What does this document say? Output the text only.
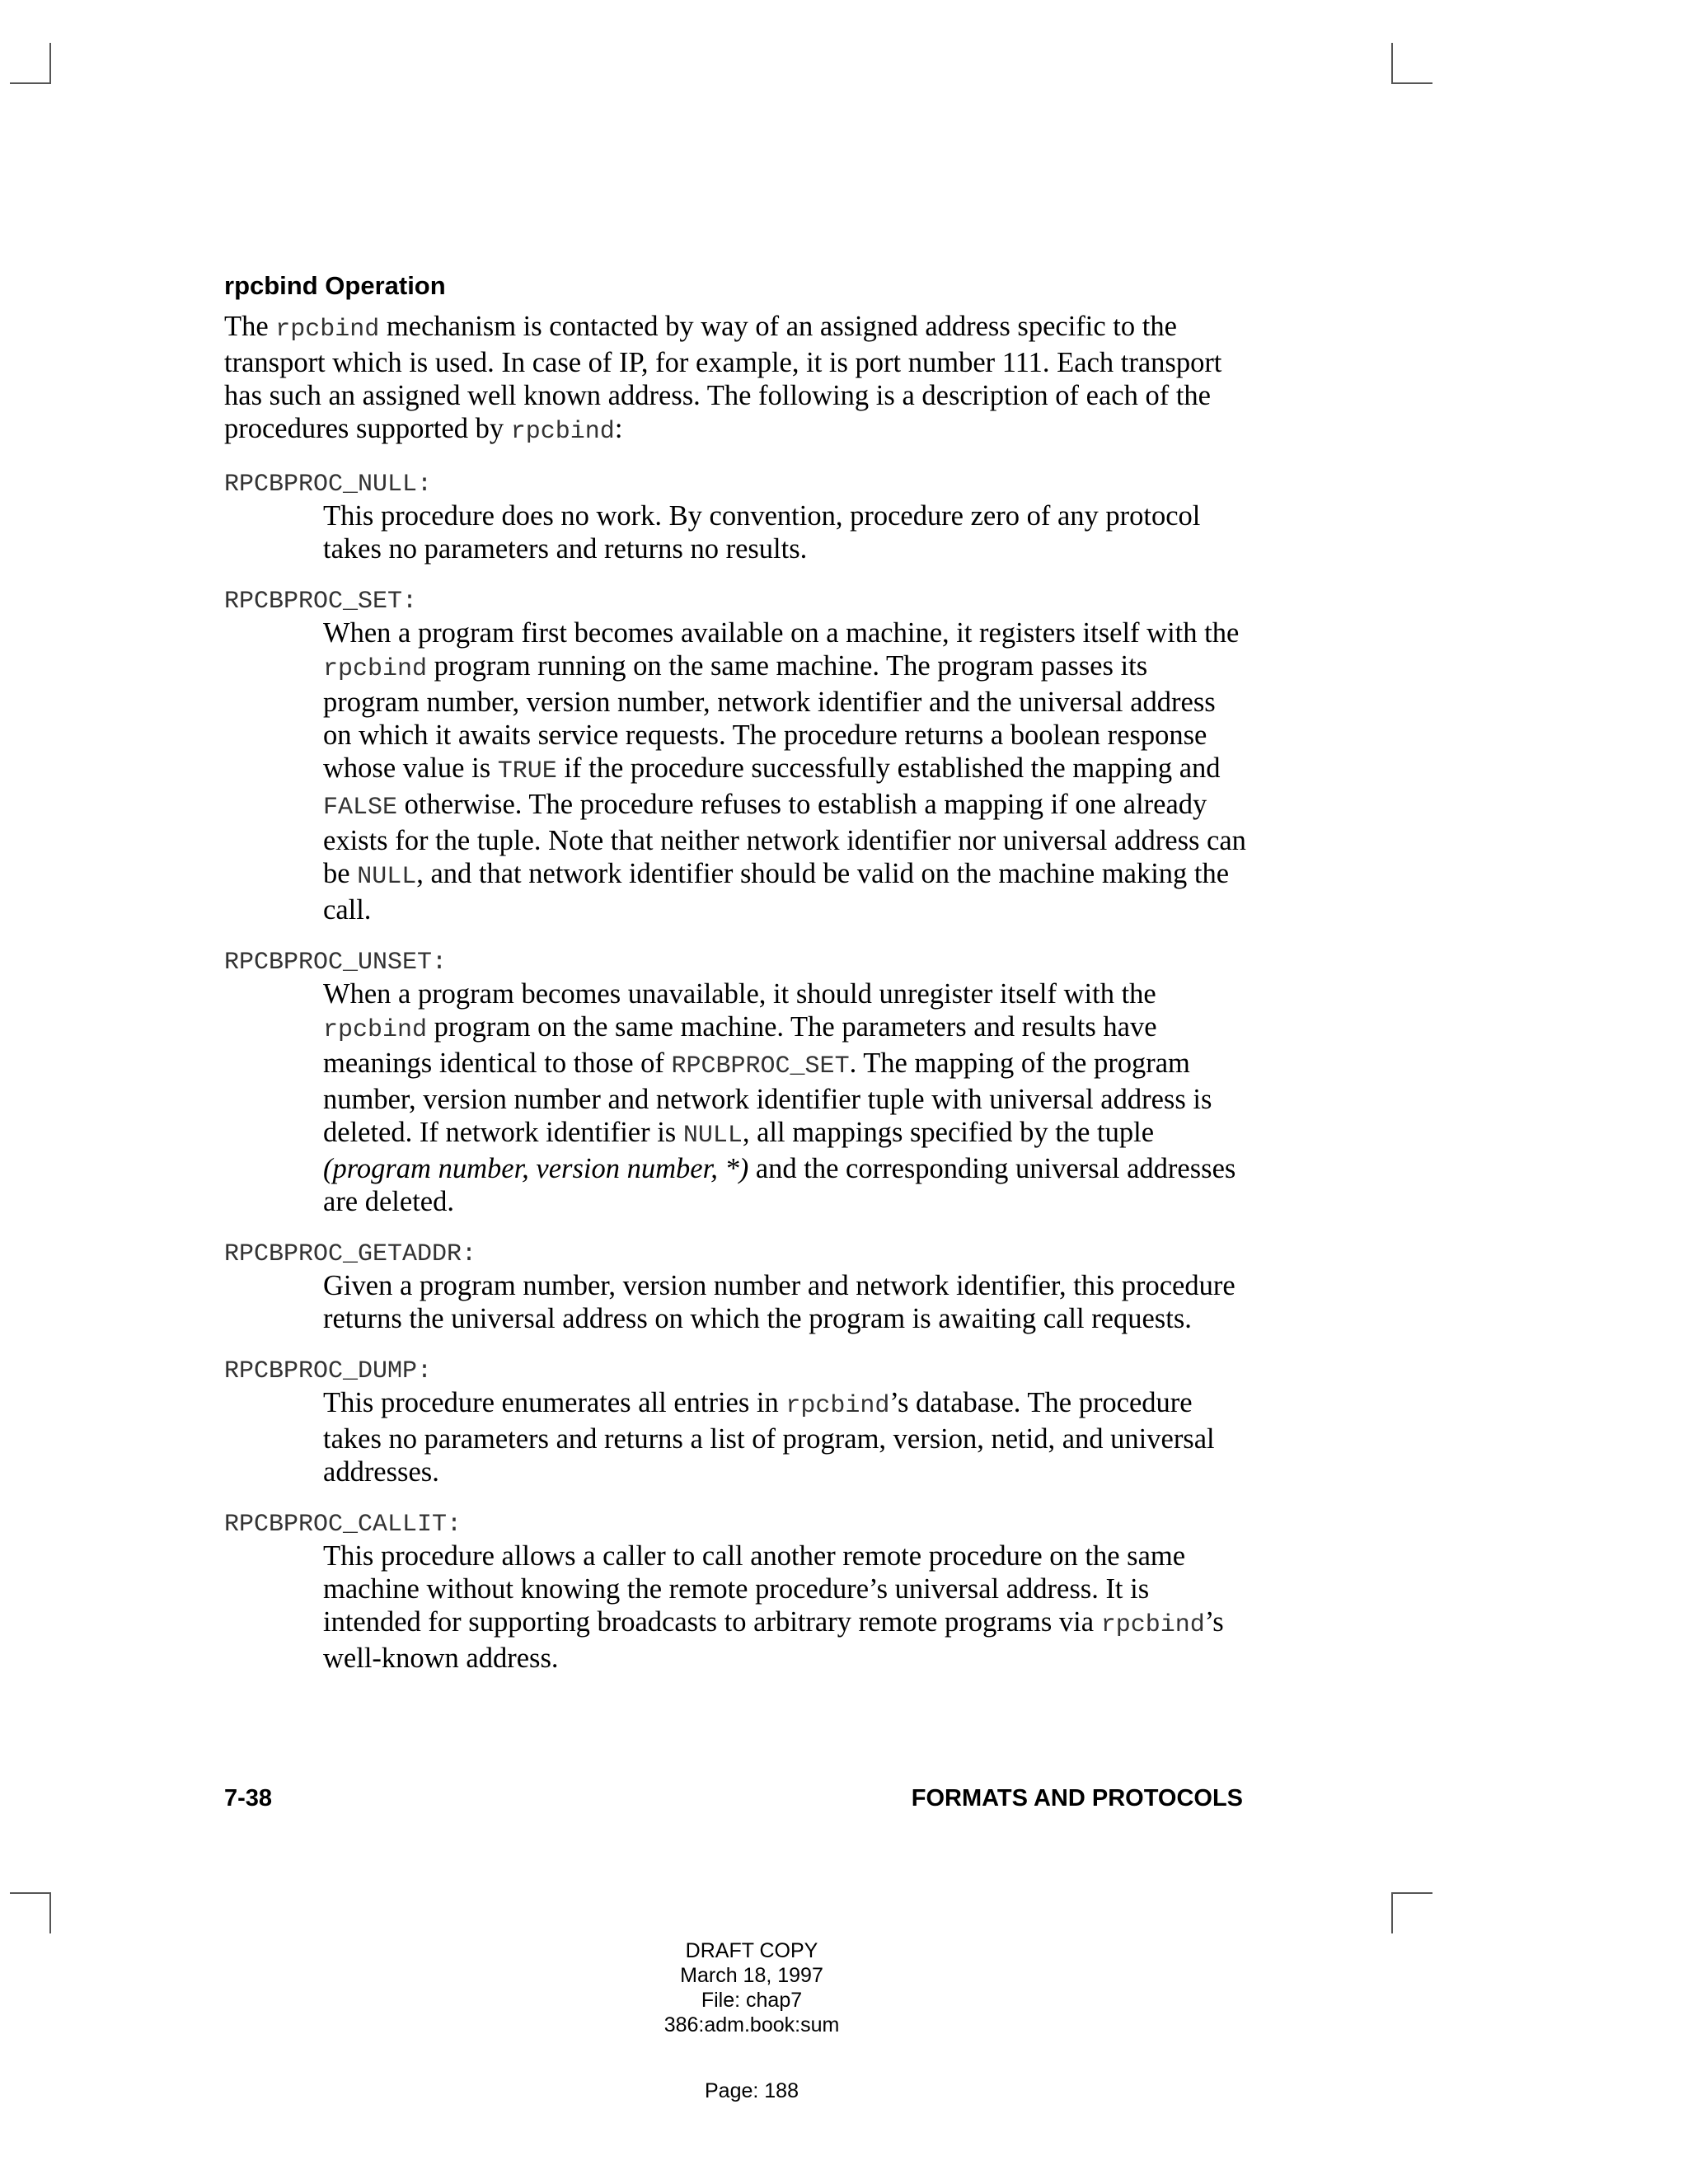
rpcbind Operation

The rpcbind mechanism is contacted by way of an assigned address specific to the transport which is used. In case of IP, for example, it is port number 111. Each transport has such an assigned well known address. The following is a description of each of the procedures supported by rpcbind:

RPCBPROC_NULL:

This procedure does no work. By convention, procedure zero of any protocol takes no parameters and returns no results.

RPCBPROC_SET:

When a program first becomes available on a machine, it registers itself with the rpcbind program running on the same machine. The program passes its program number, version number, network identifier and the universal address on which it awaits service requests. The procedure returns a boolean response whose value is TRUE if the procedure successfully established the mapping and FALSE otherwise. The procedure refuses to establish a mapping if one already exists for the tuple. Note that neither network identifier nor universal address can be NULL, and that network identifier should be valid on the machine making the call.

RPCBPROC_UNSET:

When a program becomes unavailable, it should unregister itself with the rpcbind program on the same machine. The parameters and results have meanings identical to those of RPCBPROC_SET. The mapping of the program number, version number and network identifier tuple with universal address is deleted. If network identifier is NULL, all mappings specified by the tuple (program number, version number, *) and the corresponding universal addresses are deleted.

RPCBPROC_GETADDR:

Given a program number, version number and network identifier, this procedure returns the universal address on which the program is awaiting call requests.

RPCBPROC_DUMP:

This procedure enumerates all entries in rpcbind’s database. The procedure takes no parameters and returns a list of program, version, netid, and universal addresses.

RPCBPROC_CALLIT:

This procedure allows a caller to call another remote procedure on the same machine without knowing the remote procedure’s universal address. It is intended for supporting broadcasts to arbitrary remote programs via rpcbind’s well-known address.

7-38	FORMATS AND PROTOCOLS
DRAFT COPY
March 18, 1997
File: chap7
386:adm.book:sum
Page: 188
